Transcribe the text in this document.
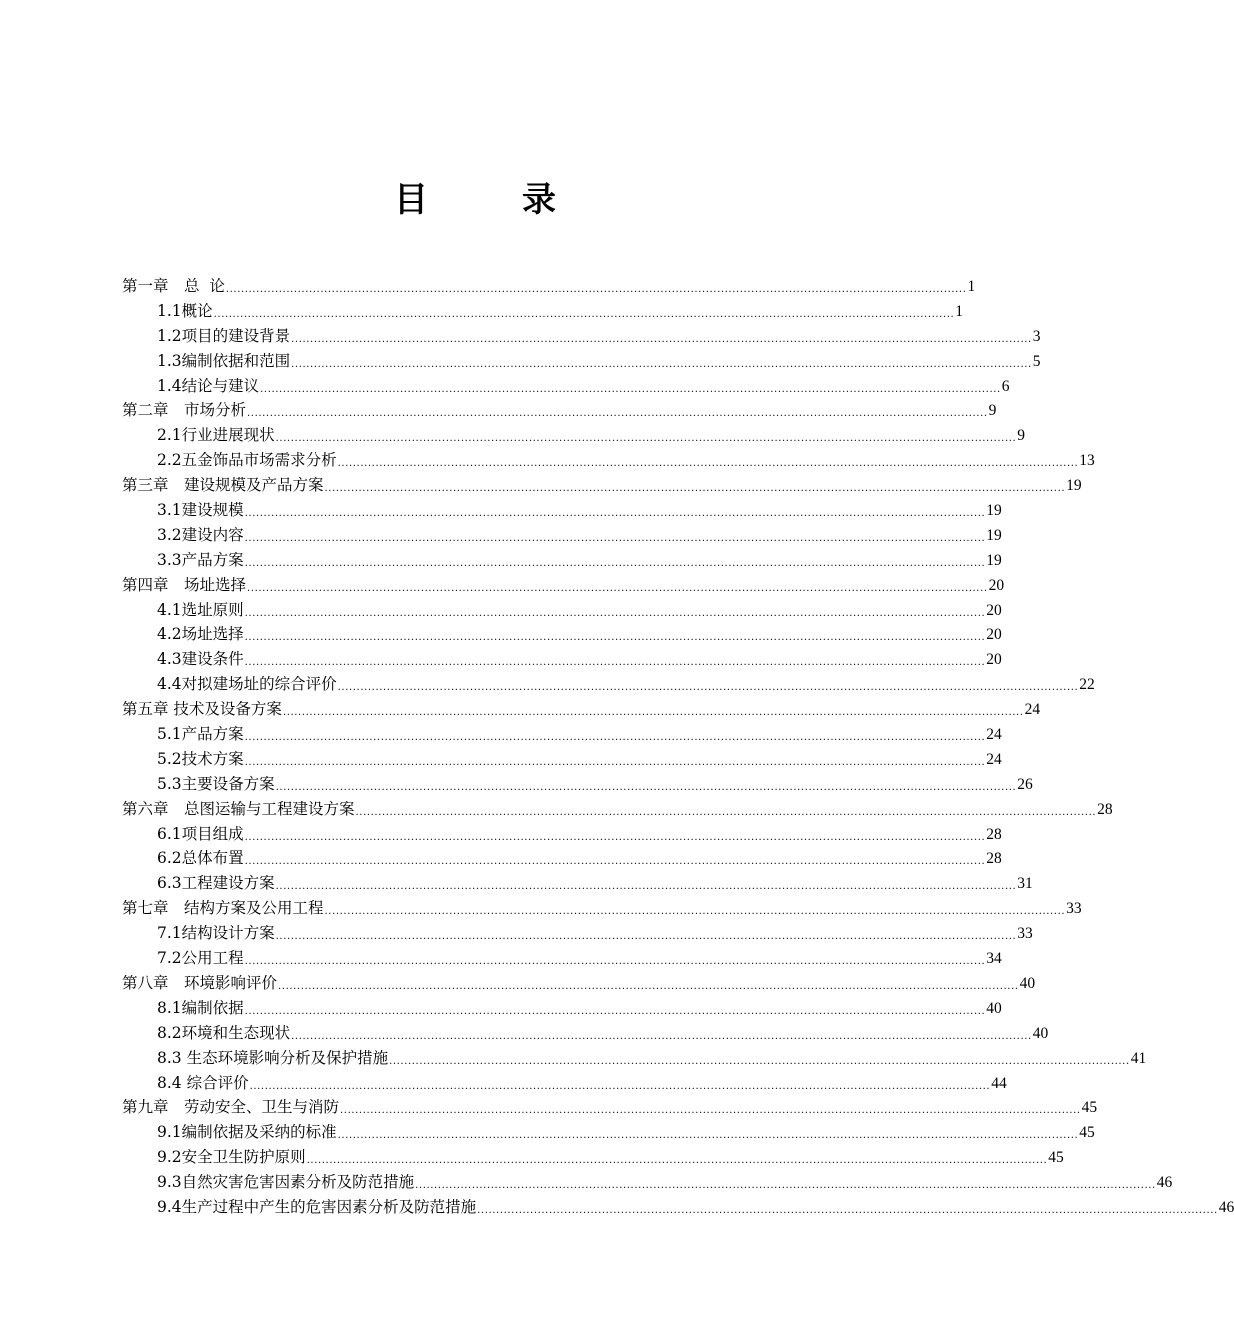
目　录
第一章　总  论 .................................................................................................................................................................................................... 1
1.1概论 .................................................................................................................................................................................................... 1
1.2项目的建设背景 .................................................................................................................................................................................................... 3
1.3编制依据和范围 .................................................................................................................................................................................................... 5
1.4结论与建议 .................................................................................................................................................................................................... 6
第二章　市场分析 .................................................................................................................................................................................................... 9
2.1行业进展现状 .................................................................................................................................................................................................... 9
2.2五金饰品市场需求分析 .................................................................................................................................................................................................... 13
第三章　建设规模及产品方案 .................................................................................................................................................................................................... 19
3.1建设规模 .................................................................................................................................................................................................... 19
3.2建设内容 .................................................................................................................................................................................................... 19
3.3产品方案 .................................................................................................................................................................................................... 19
第四章　场址选择 .................................................................................................................................................................................................... 20
4.1选址原则 .................................................................................................................................................................................................... 20
4.2场址选择 .................................................................................................................................................................................................... 20
4.3建设条件 .................................................................................................................................................................................................... 20
4.4对拟建场址的综合评价 .................................................................................................................................................................................................... 22
第五章 技术及设备方案 .................................................................................................................................................................................................... 24
5.1产品方案 .................................................................................................................................................................................................... 24
5.2技术方案 .................................................................................................................................................................................................... 24
5.3主要设备方案 .................................................................................................................................................................................................... 26
第六章　总图运输与工程建设方案 .................................................................................................................................................................................................... 28
6.1项目组成 .................................................................................................................................................................................................... 28
6.2总体布置 .................................................................................................................................................................................................... 28
6.3工程建设方案 .................................................................................................................................................................................................... 31
第七章　结构方案及公用工程 .................................................................................................................................................................................................... 33
7.1结构设计方案 .................................................................................................................................................................................................... 33
7.2公用工程 .................................................................................................................................................................................................... 34
第八章　环境影响评价 .................................................................................................................................................................................................... 40
8.1编制依据 .................................................................................................................................................................................................... 40
8.2环境和生态现状 .................................................................................................................................................................................................... 40
8.3 生态环境影响分析及保护措施 .................................................................................................................................................................................................... 41
8.4 综合评价 .................................................................................................................................................................................................... 44
第九章　劳动安全、卫生与消防 .................................................................................................................................................................................................... 45
9.1编制依据及采纳的标准 .................................................................................................................................................................................................... 45
9.2安全卫生防护原则 .................................................................................................................................................................................................... 45
9.3自然灾害危害因素分析及防范措施 .................................................................................................................................................................................................... 46
9.4生产过程中产生的危害因素分析及防范措施 .................................................................................................................................................................................................... 46
